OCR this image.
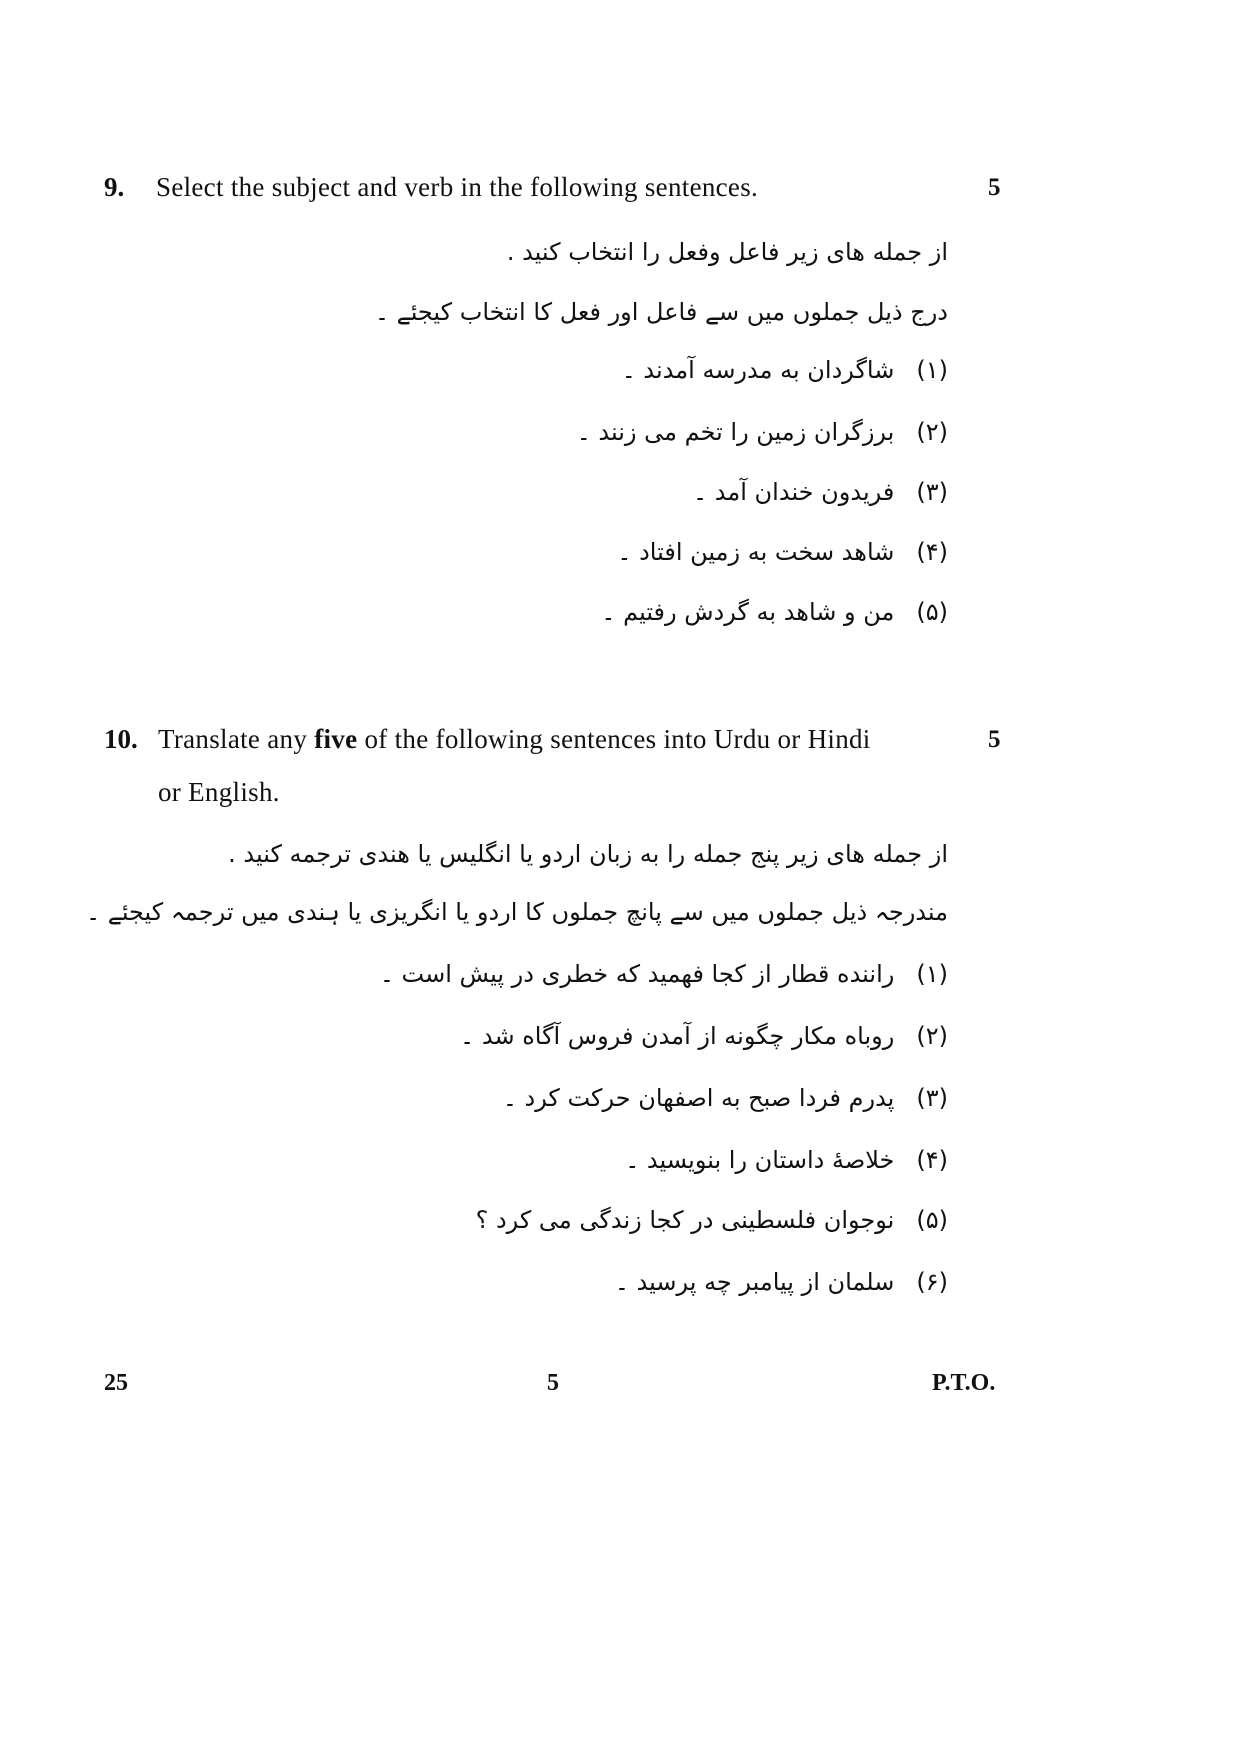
9. Select the subject and verb in the following sentences.	5
از جمله های زیر فاعل وفعل را انتخاب کنید .
درج ذیل جملوں میں سے فاعل اور فعل کا انتخاب کیجئے ۔
(۱)شاگردان به مدرسه آمدند ۔
(۲)برزگران زمین را تخم می زنند ۔
(۳)فریدون خندان آمد ۔
(۴)شاهد سخت به زمین افتاد ۔
(۵)من و شاهد به گردش رفتیم ۔
10. Translate any five of the following sentences into Urdu or Hindi
or English.
5
از جمله های زیر پنج جمله را به زبان اردو یا انگلیس یا هندی ترجمه کنید .
مندرجہ ذیل جملوں میں سے پانچ جملوں کا اردو یا انگریزی یا ہندی میں ترجمہ کیجئے ۔
(۱)راننده قطار از کجا فهمید که خطری در پیش است ۔
(۲)روباه مکار چگونه از آمدن فروس آگاه شد ۔
(۳)پدرم فردا صبح به اصفهان حرکت کرد ۔
(۴)خلاصهٔ داستان را بنویسید ۔
(۵)نوجوان فلسطینی در کجا زندگی می کرد ؟
(۶)سلمان از پیامبر چه پرسید ۔
25	5	P.T.O.
